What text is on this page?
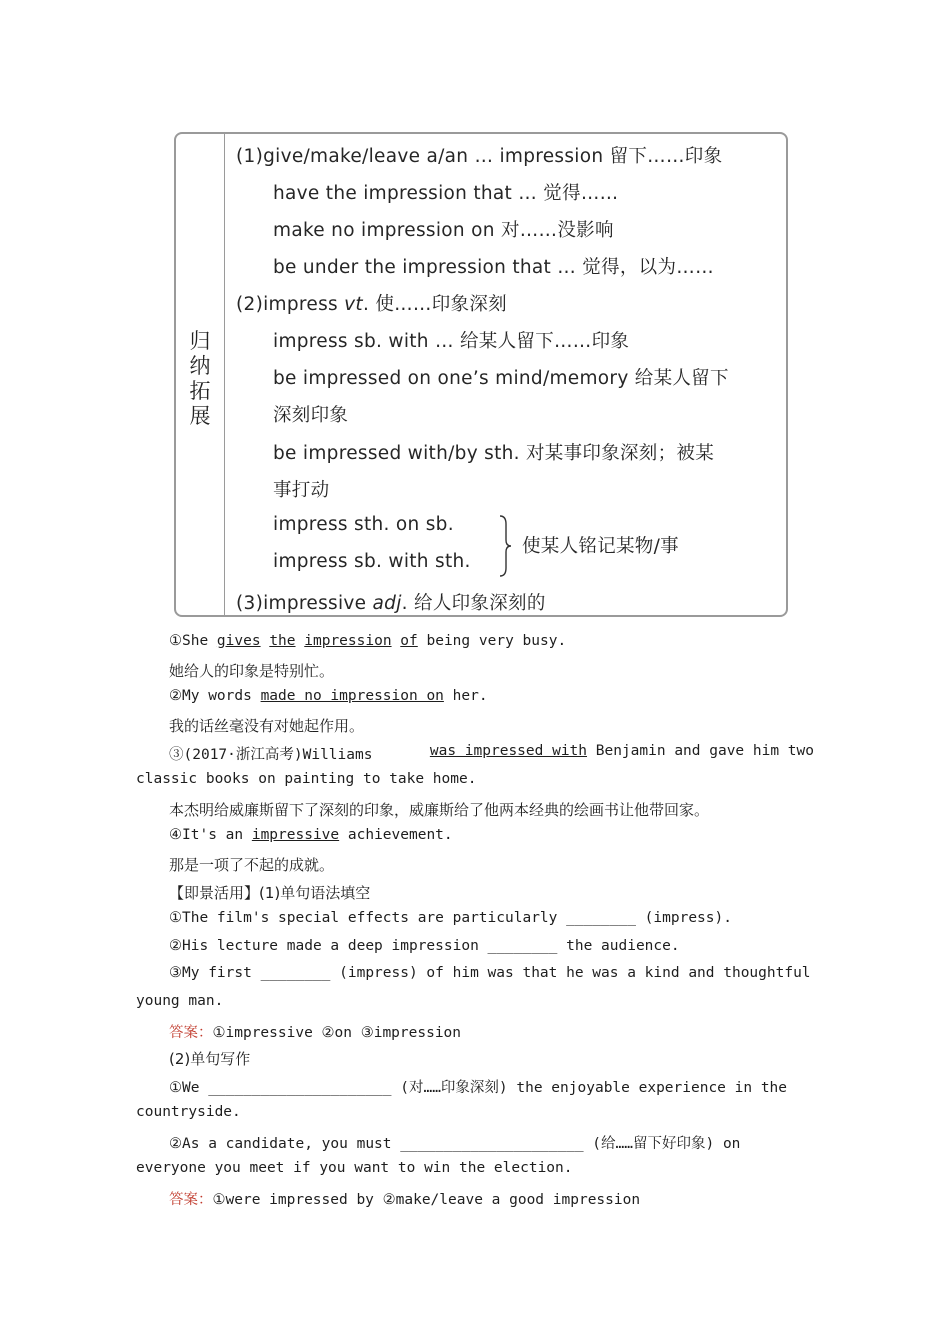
归
纳
拓
展
(1)give/make/leave a/an … impression 留下……印象
have the impression that … 觉得……
make no impression on 对……没影响
be under the impression that … 觉得，以为……
(2)impress vt. 使……印象深刻
impress sb. with … 给某人留下……印象
be impressed on one’s mind/memory 给某人留下
深刻印象
be impressed with/by sth. 对某事印象深刻；被某
事打动
impress sth. on sb.
impress sb. with sth.
使某人铭记某物/事
(3)impressive adj. 给人印象深刻的
①She gives the impression of being very busy.
她给人的印象是特别忙。
②My words made no impression on her.
我的话丝毫没有对她起作用。
③(2017·浙江高考)Williams	was impressed with Benjamin and gave him two
classic books on painting to take home.
本杰明给威廉斯留下了深刻的印象，威廉斯给了他两本经典的绘画书让他带回家。
④It's an impressive achievement.
那是一项了不起的成就。
【即景活用】(1)单句语法填空
①The film's special effects are particularly ________ (impress).
②His lecture made a deep impression ________ the audience.
③My first ________ (impress) of him was that he was a kind and thoughtful
young man.
答案：①impressive ②on ③impression
(2)单句写作
①We _____________________ (对……印象深刻) the enjoyable experience in the
countryside.
②As a candidate, you must _____________________ (给……留下好印象) on
everyone you meet if you want to win the election.
答案：①were impressed by ②make/leave a good impression
